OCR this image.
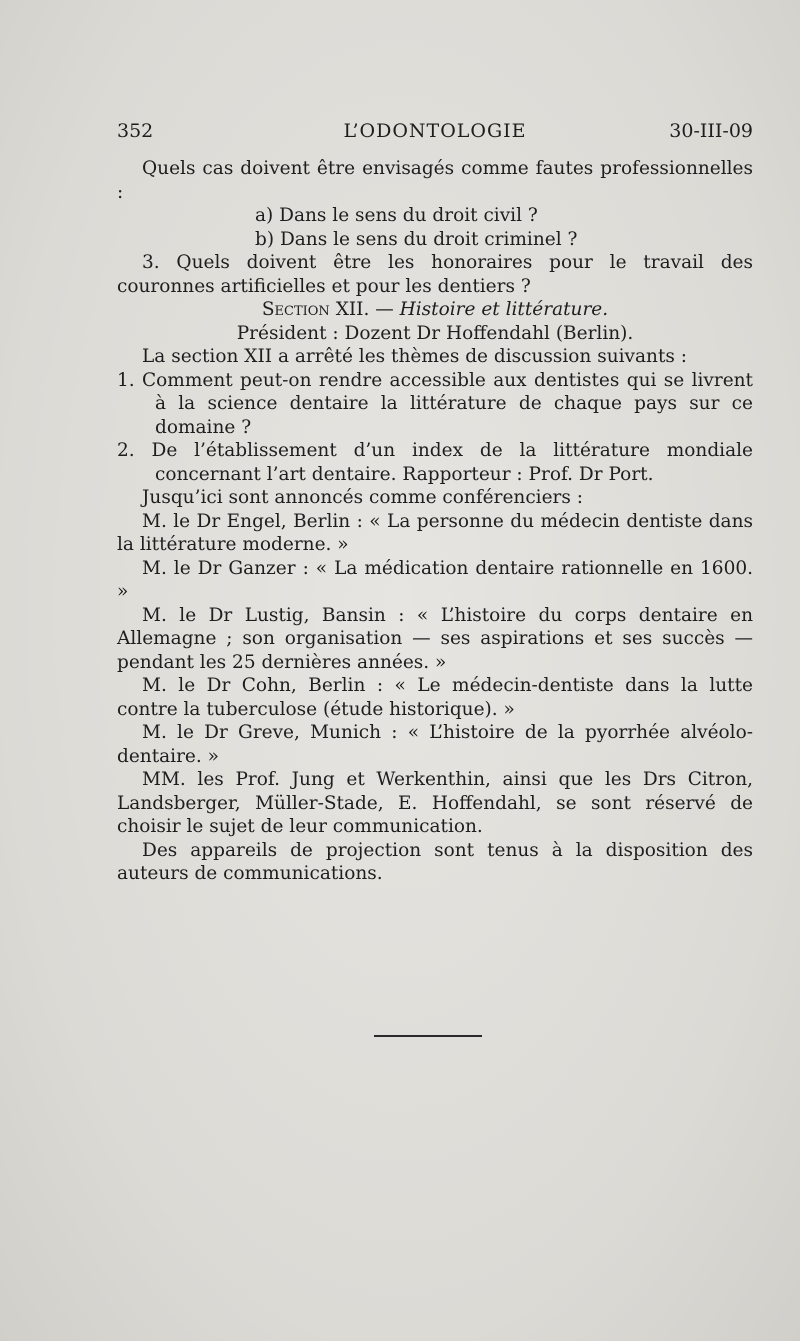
352	L’ODONTOLOGIE	30-III-09

Quels cas doivent être envisagés comme fautes professionnelles :

a) Dans le sens du droit civil ?

b) Dans le sens du droit criminel ?

3. Quels doivent être les honoraires pour le travail des couronnes artificielles et pour les dentiers ?

Section XII. — Histoire et littérature.

Président : Dozent Dr Hoffendahl (Berlin).

La section XII a arrêté les thèmes de discussion suivants :

1. Comment peut-on rendre accessible aux dentistes qui se livrent à la science dentaire la littérature de chaque pays sur ce domaine ?

2. De l’établissement d’un index de la littérature mondiale concernant l’art dentaire. Rapporteur : Prof. Dr Port.

Jusqu’ici sont annoncés comme conférenciers :

M. le Dr Engel, Berlin : « La personne du médecin dentiste dans la littérature moderne. »

M. le Dr Ganzer : « La médication dentaire rationnelle en 1600. »

M. le Dr Lustig, Bansin : « L’histoire du corps dentaire en Allemagne ; son organisation — ses aspirations et ses succès — pendant les 25 dernières années. »

M. le Dr Cohn, Berlin : « Le médecin-dentiste dans la lutte contre la tuberculose (étude historique). »

M. le Dr Greve, Munich : « L’histoire de la pyorrhée alvéolo-dentaire. »

MM. les Prof. Jung et Werkenthin, ainsi que les Drs Citron, Landsberger, Müller-Stade, E. Hoffendahl, se sont réservé de choisir le sujet de leur communication.

Des appareils de projection sont tenus à la disposition des auteurs de communications.
